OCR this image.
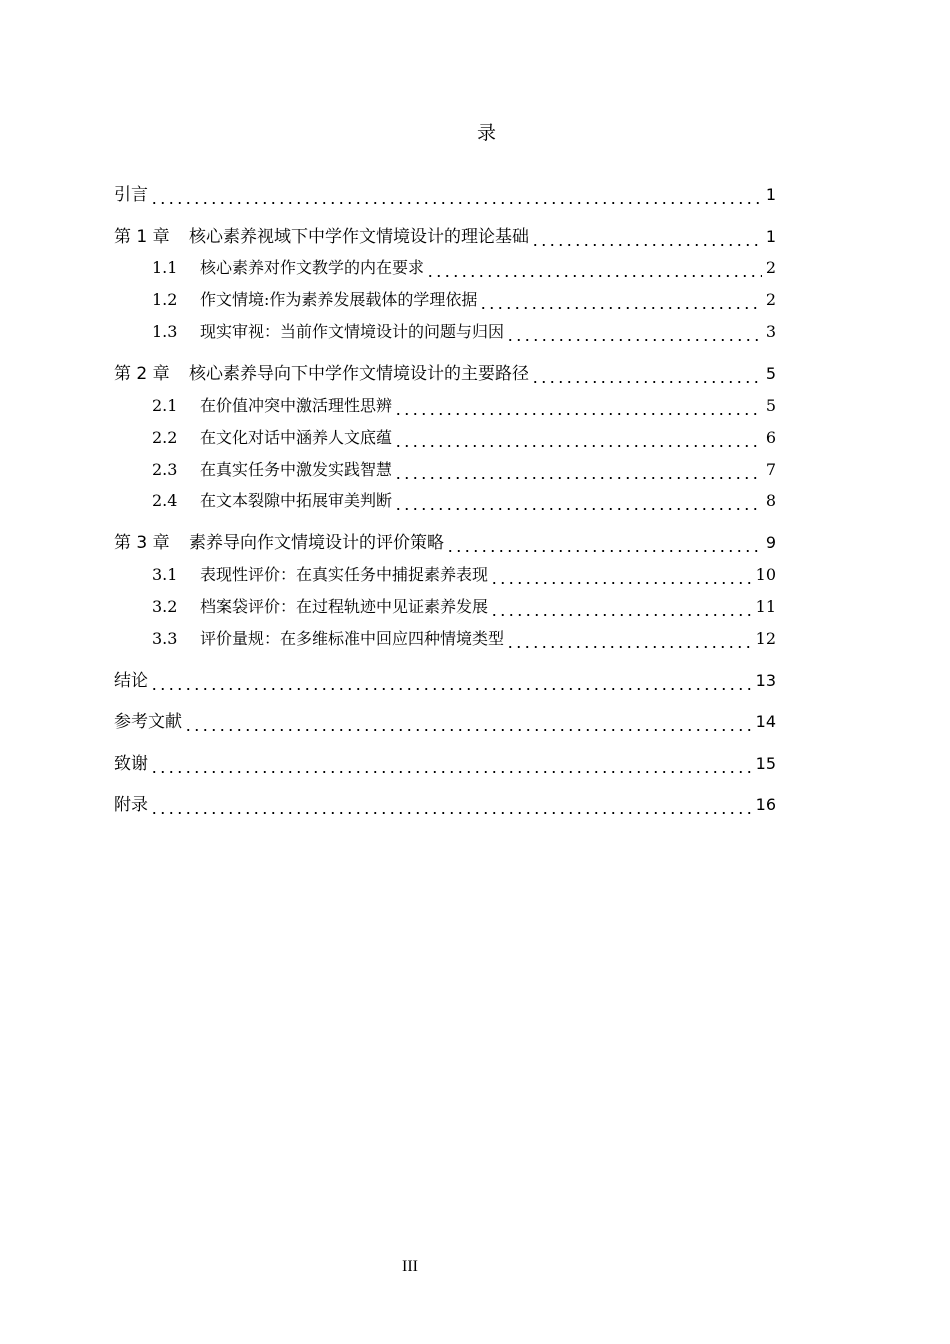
录
引言	1
第 1 章	核心素养视域下中学作文情境设计的理论基础	1
1.1	核心素养对作文教学的内在要求	2
1.2	作文情境:作为素养发展载体的学理依据	2
1.3	现实审视：当前作文情境设计的问题与归因	3
第 2 章	核心素养导向下中学作文情境设计的主要路径	5
2.1	在价值冲突中激活理性思辨	5
2.2	在文化对话中涵养人文底蕴	6
2.3	在真实任务中激发实践智慧	7
2.4	在文本裂隙中拓展审美判断	8
第 3 章	素养导向作文情境设计的评价策略	9
3.1	表现性评价：在真实任务中捕捉素养表现	10
3.2	档案袋评价：在过程轨迹中见证素养发展	11
3.3	评价量规：在多维标准中回应四种情境类型	12
结论	13
参考文献	14
致谢	15
附录	16
III
